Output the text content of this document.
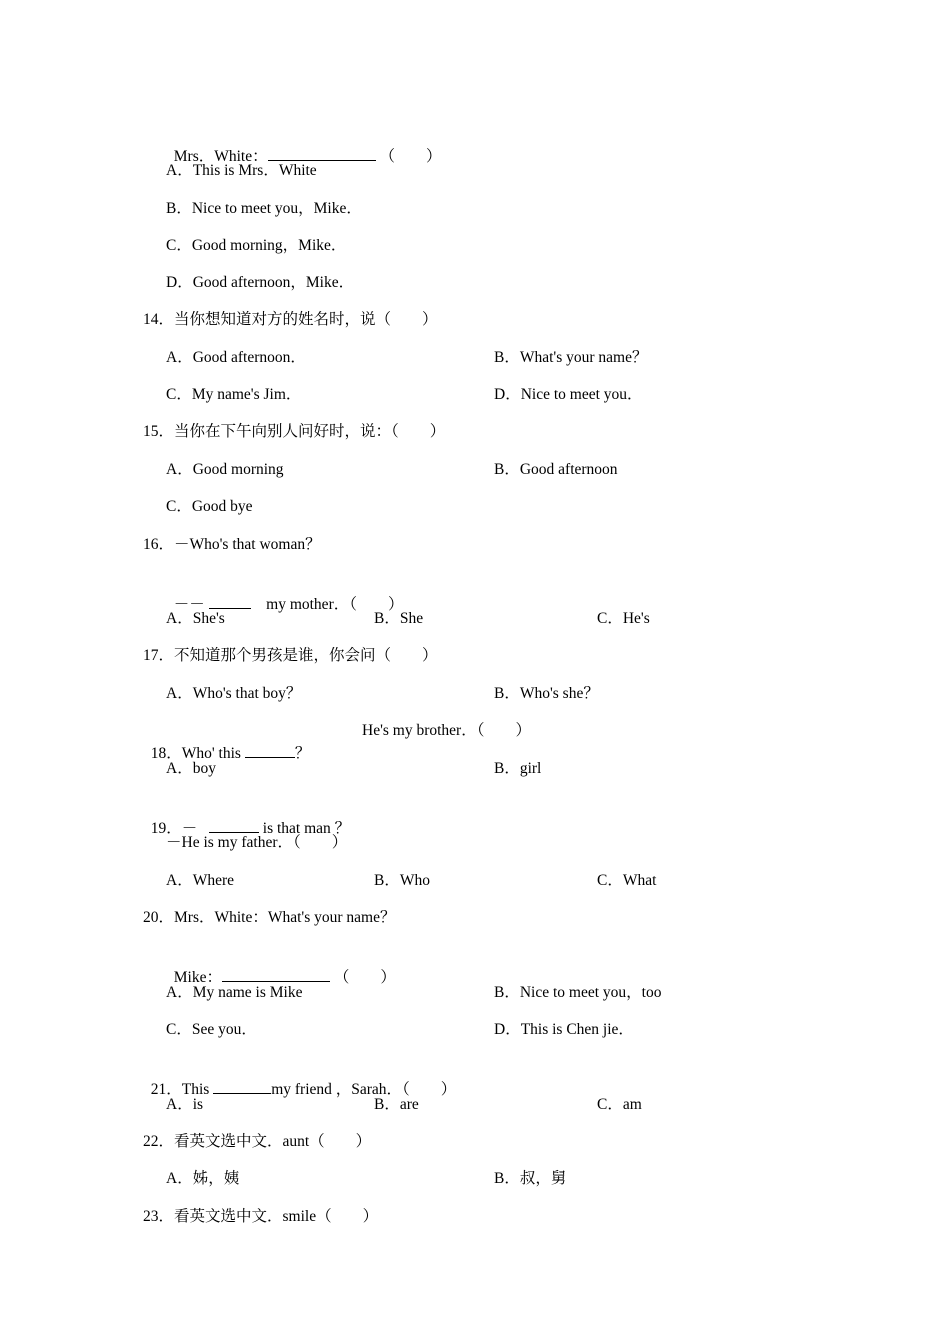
Mrs．White：	（　　）

A．This is Mrs．White
B．Nice to meet you，Mike．
C．Good morning，Mike．
D．Good afternoon，Mike．
14．当你想知道对方的姓名时，说（　　）
A．Good afternoon．	B．What's your name？
C．My name's Jim．	D．Nice to meet you．
15．当你在下午向别人问好时，说：（　　）
A．Good morning	B．Good afternoon
C．Good bye
16．－Who's that woman？

－－	my mother．（　　）

A．She's	B．She	C．He's
17．不知道那个男孩是谁，你会问（　　）
A．Who's that boy？	B．Who's she？

18．Who' this	？

He's my brother．（　　）
A．boy	B．girl

19．－	is that man ？

－He is my father．（　　）
A．Where	B．Who	C．What
20．Mrs．White：What's your name？

Mike：	（　　）

A．My name is Mike	B．Nice to meet you，too
C．See you．	D．This is Chen jie．

21．This	my friend ，Sarah．（　　）

A．is	B．are	C．am
22．看英文选中文．aunt（　　）
A．姊，姨	B．叔，舅
23．看英文选中文．smile（　　）
